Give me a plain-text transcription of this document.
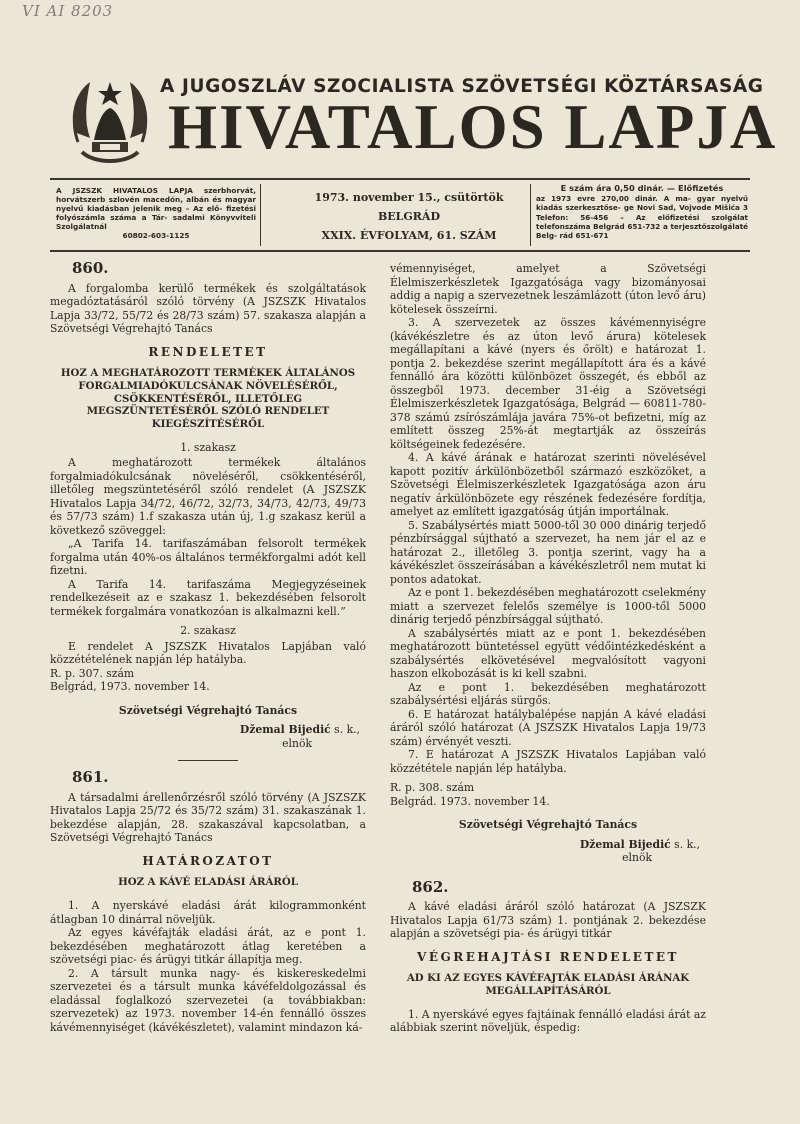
VI AI 8203
A JUGOSZLÁV SZOCIALISTA SZÖVETSÉGI KÖZTÁRSASÁG
HIVATALOS LAPJA
A JSZSZK HIVATALOS LAPJA szerbhorvát, horvátszerb szlovén macedón, albán és magyar nyelvű kiadásban jelenik meg – Az elő- fizetési folyószámla száma a Tár- sadalmi Könyvviteli Szolgálatnál
60802-603-1125
1973. november 15., csütörtök
BELGRÁD
XXIX. ÉVFOLYAM, 61. SZÁM
E szám ára 0,50 dinár. — Előfizetés
az 1973 evre 270,00 dinár. A ma- gyar nyelvű kiadás szerkesztőse- ge Novi Sad, Vojvode Mišića 3 Telefon: 56-456 – Az előfizetési szolgálat telefonszáma Belgrád 651-732 a terjesztőszolgálaté Belg- rád 651-671
860.

A forgalomba kerülő termékek és szolgáltatások megadóztatásáról szóló törvény (A JSZSZK Hivatalos Lapja 33/72, 55/72 és 28/73 szám) 57. szakasza alapján a Szövetségi Végrehajtó Tanács

RENDELETET
HOZ A MEGHATÁROZOTT TERMÉKEK ÁLTALÁNOS FORGALMIADÓKULCSÁNAK NÖVELÉSÉRŐL, CSÖKKENTÉSÉRŐL, ILLETŐLEG MEGSZÜNTETÉSÉRŐL SZÓLÓ RENDELET KIEGÉSZÍTÉSÉRŐL
1. szakasz

A meghatározott termékek általános forgalmiadókulcsának növeléséről, csökkentéséről, illetőleg megszüntetéséről szóló rendelet (A JSZSZK Hivatalos Lapja 34/72, 46/72, 32/73, 34/73, 42/73, 49/73 és 57/73 szám) 1.f szakasza után új, 1.g szakasz kerül a következő szöveggel:

„A Tarifa 14. tarifaszámában felsorolt termékek forgalma után 40%-os általános termékforgalmi adót kell fizetni.

A Tarifa 14. tarifaszáma Megjegyzéseinek rendelkezéseit az e szakasz 1. bekezdésében felsorolt termékek forgalmára vonatkozóan is alkalmazni kell.”

2. szakasz

E rendelet A JSZSZK Hivatalos Lapjában való közzétételének napján lép hatályba.

R. p. 307. szám

Belgrád, 1973. november 14.

Szövetségi Végrehajtó Tanács
Džemal Bijedić s. k.,
elnök
861.

A társadalmi árellenőrzésről szóló törvény (A JSZSZK Hivatalos Lapja 25/72 és 35/72 szám) 31. szakaszának 1. bekezdése alapján, 28. szakaszával kapcsolatban, a Szövetségi Végrehajtó Tanács

HATÁROZATOT
HOZ A KÁVÉ ELADÁSI ÁRÁRÓL

1. A nyerskávé eladási árát kilogrammonként átlagban 10 dinárral növeljük.

Az egyes kávéfajták eladási árát, az e pont 1. bekezdésében meghatározott átlag keretében a szövetségi piac- és árügyi titkár állapítja meg.

2. A társult munka nagy- és kiskereskedelmi szervezetei és a társult munka kávéfeldolgozással és eladással foglalkozó szervezetei (a továbbiakban: szervezetek) az 1973. november 14-én fennálló összes kávémennyiséget (kávékészletet), valamint mindazon ká-

vémennyiséget, amelyet a Szövetségi Élelmiszerkészletek Igazgatósága vagy bizományosai addig a napig a szervezetnek leszámlázott (úton levő áru) kötelesek összeírni.

3. A szervezetek az összes kávémennyiségre (kávékészletre és az úton levő árura) kötelesek megállapítani a kávé (nyers és őrölt) e határozat 1. pontja 2. bekezdése szerint megállapított ára és a kávé fennálló ára közötti különbözet összegét, és ebből az összegből 1973. december 31-éig a Szövetségi Élelmiszerkészletek Igazgatósága, Belgrád — 60811-780-378 számú zsírószámlája javára 75%-ot befizetni, míg az említett összeg 25%-át megtartják az összeírás költségeinek fedezésére.

4. A kávé árának e határozat szerinti növelésével kapott pozitív árkülönbözetből származó eszközöket, a Szövetségi Élelmiszerkészletek Igazgatósága azon áru negatív árkülönbözete egy részének fedezésére fordítja, amelyet az említett igazgatóság útján importálnak.

5. Szabálysértés miatt 5000-től 30 000 dinárig terjedő pénzbírsággal sújtható a szervezet, ha nem jár el az e határozat 2., illetőleg 3. pontja szerint, vagy ha a kávékészlet összeírásában a kávékészletről nem mutat ki pontos adatokat.

Az e pont 1. bekezdésében meghatározott cselekmény miatt a szervezet felelős személye is 1000-től 5000 dinárig terjedő pénzbírsággal sújtható.

A szabálysértés miatt az e pont 1. bekezdésében meghatározott büntetéssel együtt védőintézkedésként a szabálysértés elkövetésével megvalósított vagyoni haszon elkobozását is ki kell szabni.

Az e pont 1. bekezdésében meghatározott szabálysértési eljárás sürgős.

6. E határozat hatálybalépése napján A kávé eladási áráról szóló határozat (A JSZSZK Hivatalos Lapja 19/73 szám) érvényét veszti.

7. E határozat A JSZSZK Hivatalos Lapjában való közzététele napján lép hatályba.

R. p. 308. szám

Belgrád. 1973. november 14.

Szövetségi Végrehajtó Tanács
Džemal Bijedić s. k.,
elnök
862.

A kávé eladási áráról szóló határozat (A JSZSZK Hivatalos Lapja 61/73 szám) 1. pontjának 2. bekezdése alapján a szövetségi pia- és árügyi titkár

VÉGREHAJTÁSI RENDELETET
AD KI AZ EGYES KÁVÉFAJTÁK ELADÁSI ÁRÁNAK MEGÁLLAPÍTÁSÁRÓL

1. A nyerskávé egyes fajtáinak fennálló eladási árát az alábbiak szerint növeljük, éspedig:
